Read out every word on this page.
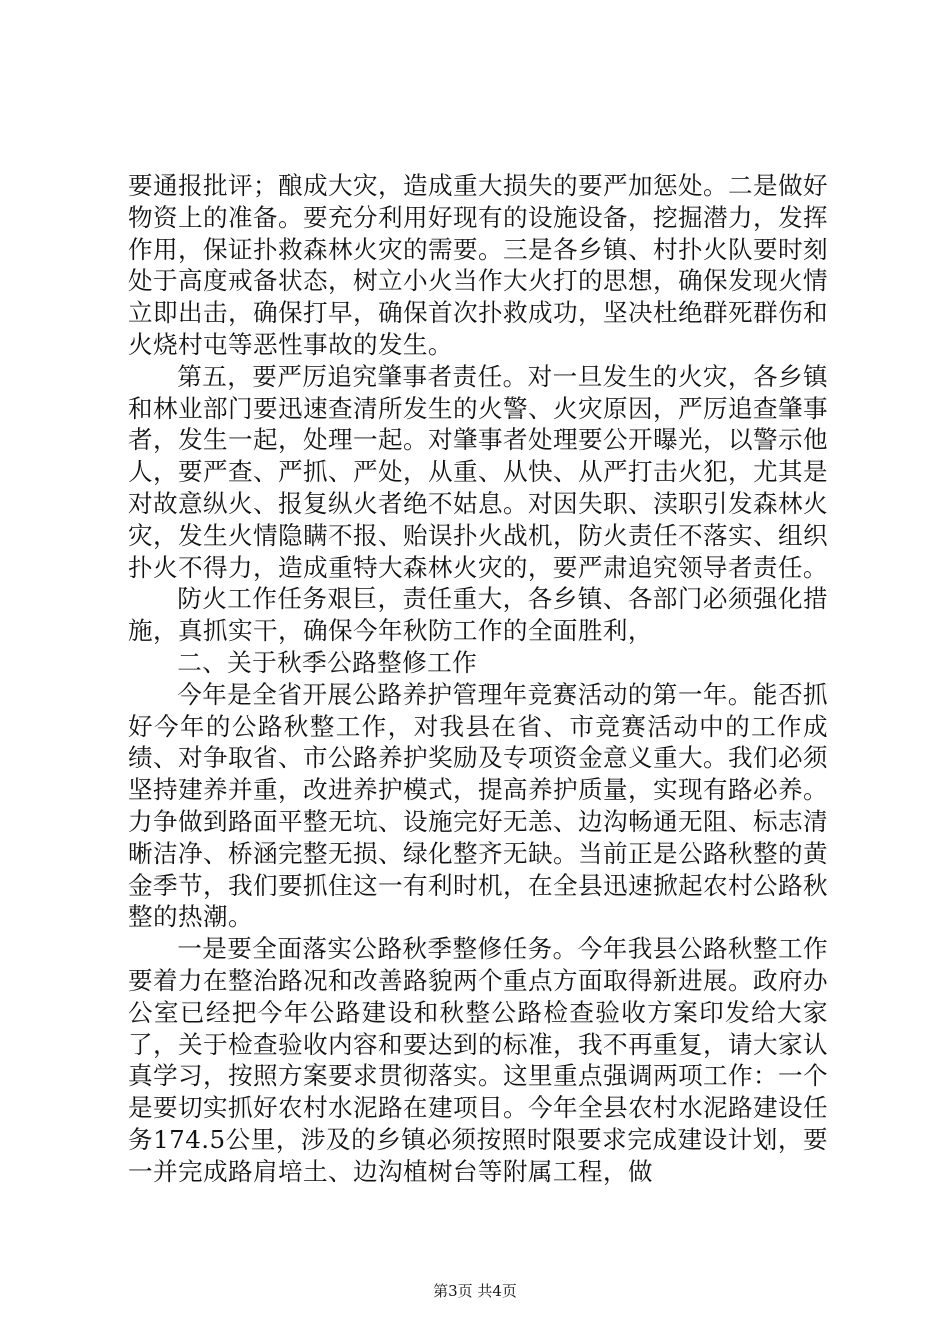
要通报批评；酿成大灾，造成重大损失的要严加惩处。二是做好物资上的准备。要充分利用好现有的设施设备，挖掘潜力，发挥作用，保证扑救森林火灾的需要。三是各乡镇、村扑火队要时刻处于高度戒备状态，树立小火当作大火打的思想，确保发现火情立即出击，确保打早，确保首次扑救成功，坚决杜绝群死群伤和火烧村屯等恶性事故的发生。

第五，要严厉追究肇事者责任。对一旦发生的火灾，各乡镇和林业部门要迅速查清所发生的火警、火灾原因，严厉追查肇事者，发生一起，处理一起。对肇事者处理要公开曝光，以警示他人，要严查、严抓、严处，从重、从快、从严打击火犯，尤其是对故意纵火、报复纵火者绝不姑息。对因失职、渎职引发森林火灾，发生火情隐瞒不报、贻误扑火战机，防火责任不落实、组织扑火不得力，造成重特大森林火灾的，要严肃追究领导者责任。

防火工作任务艰巨，责任重大，各乡镇、各部门必须强化措施，真抓实干，确保今年秋防工作的全面胜利，

二、关于秋季公路整修工作

今年是全省开展公路养护管理年竞赛活动的第一年。能否抓好今年的公路秋整工作，对我县在省、市竞赛活动中的工作成绩、对争取省、市公路养护奖励及专项资金意义重大。我们必须坚持建养并重，改进养护模式，提高养护质量，实现有路必养。力争做到路面平整无坑、设施完好无恙、边沟畅通无阻、标志清晰洁净、桥涵完整无损、绿化整齐无缺。当前正是公路秋整的黄金季节，我们要抓住这一有利时机，在全县迅速掀起农村公路秋整的热潮。

一是要全面落实公路秋季整修任务。今年我县公路秋整工作要着力在整治路况和改善路貌两个重点方面取得新进展。政府办公室已经把今年公路建设和秋整公路检查验收方案印发给大家了，关于检查验收内容和要达到的标准，我不再重复，请大家认真学习，按照方案要求贯彻落实。这里重点强调两项工作：一个是要切实抓好农村水泥路在建项目。今年全县农村水泥路建设任务174.5公里，涉及的乡镇必须按照时限要求完成建设计划，要一并完成路肩培土、边沟植树台等附属工程，做

第3页 共4页
